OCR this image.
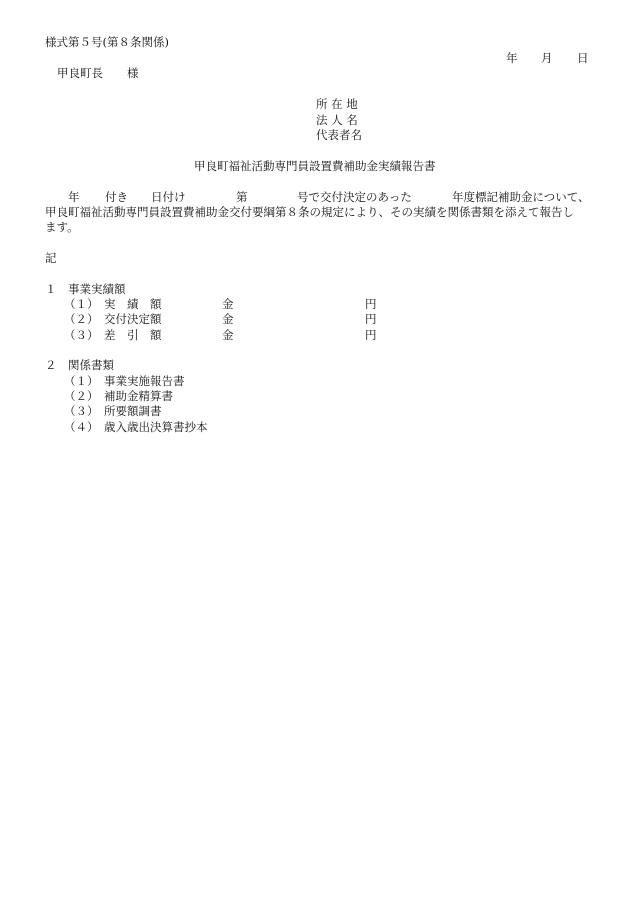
様式第５号(第８条関係)
年 月 日
甲良町長 様
所 在 地
法 人 名
代表者名
甲良町福祉活動専門員設置費補助金実績報告書
年 付き 日付け	第	号で交付決定のあった	年度標記補助金について、
甲良町福祉活動専門員設置費補助金交付要綱第８条の規定により、その実績を関係書類を添えて報告し
ます。
記
１ 事業実績額
（１） 実　績　額	金	円
（２） 交付決定額	金	円
（３） 差　引　額	金	円
２ 関係書類
（１） 事業実施報告書
（２） 補助金精算書
（３） 所要額調書
（４） 歳入歳出決算書抄本
